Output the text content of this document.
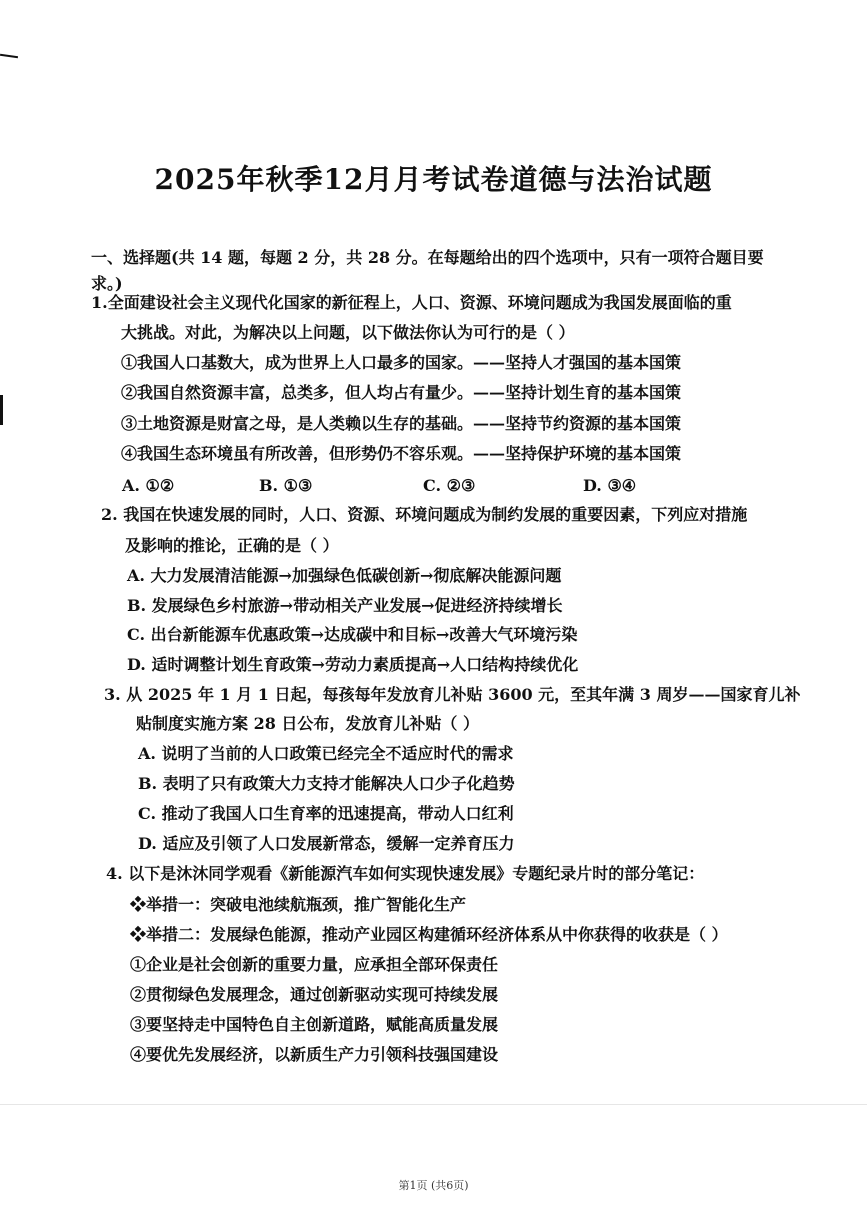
2025年秋季12月月考试卷道德与法治试题
一、选择题(共 14 题，每题 2 分，共 28 分。在每题给出的四个选项中，只有一项符合题目要
求。)
1.全面建设社会主义现代化国家的新征程上，人口、资源、环境问题成为我国发展面临的重
大挑战。对此，为解决以上问题，以下做法你认为可行的是（ ）
①我国人口基数大，成为世界上人口最多的国家。——坚持人才强国的基本国策
②我国自然资源丰富，总类多，但人均占有量少。——坚持计划生育的基本国策
③土地资源是财富之母，是人类赖以生存的基础。——坚持节约资源的基本国策
④我国生态环境虽有所改善，但形势仍不容乐观。——坚持保护环境的基本国策
A. ①②	B. ①③	C. ②③	D. ③④
2. 我国在快速发展的同时，人口、资源、环境问题成为制约发展的重要因素，下列应对措施
及影响的推论，正确的是（ ）
A. 大力发展清洁能源→加强绿色低碳创新→彻底解决能源问题
B. 发展绿色乡村旅游→带动相关产业发展→促进经济持续增长
C. 出台新能源车优惠政策→达成碳中和目标→改善大气环境污染
D. 适时调整计划生育政策→劳动力素质提高→人口结构持续优化
3. 从 2025 年 1 月 1 日起，每孩每年发放育儿补贴 3600 元，至其年满 3 周岁——国家育儿补
贴制度实施方案 28 日公布，发放育儿补贴（ ）
A. 说明了当前的人口政策已经完全不适应时代的需求
B. 表明了只有政策大力支持才能解决人口少子化趋势
C. 推动了我国人口生育率的迅速提高，带动人口红利
D. 适应及引领了人口发展新常态，缓解一定养育压力
4. 以下是沐沐同学观看《新能源汽车如何实现快速发展》专题纪录片时的部分笔记：
❖举措一：突破电池续航瓶颈，推广智能化生产
❖举措二：发展绿色能源，推动产业园区构建循环经济体系从中你获得的收获是（ ）
①企业是社会创新的重要力量，应承担全部环保责任
②贯彻绿色发展理念，通过创新驱动实现可持续发展
③要坚持走中国特色自主创新道路，赋能高质量发展
④要优先发展经济，以新质生产力引领科技强国建设
第1页 (共6页)
